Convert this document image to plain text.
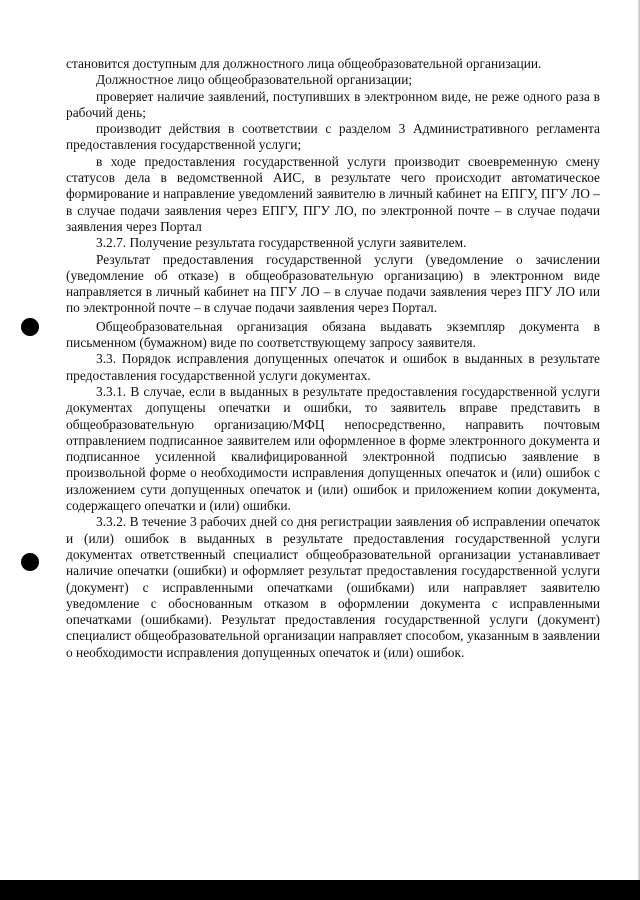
становится доступным для должностного лица общеобразовательной организации.

Должностное лицо общеобразовательной организации;

проверяет наличие заявлений, поступивших в электронном виде, не реже одного раза в рабочий день;

производит действия в соответствии с разделом 3 Административного регламента предоставления государственной услуги;

в ходе предоставления государственной услуги производит своевременную смену статусов дела в ведомственной АИС, в результате чего происходит автоматическое формирование и направление уведомлений заявителю в личный кабинет на ЕПГУ, ПГУ ЛО – в случае подачи заявления через ЕПГУ, ПГУ ЛО, по электронной почте – в случае подачи заявления через Портал

3.2.7. Получение результата государственной услуги заявителем.

Результат предоставления государственной услуги (уведомление о зачислении (уведомление об отказе) в общеобразовательную организацию) в электронном виде направляется в личный кабинет на ПГУ ЛО – в случае подачи заявления через ПГУ ЛО или по электронной почте – в случае подачи заявления через Портал.

Общеобразовательная организация обязана выдавать экземпляр документа в письменном (бумажном) виде по соответствующему запросу заявителя.

3.3. Порядок исправления допущенных опечаток и ошибок в выданных в результате предоставления государственной услуги документах.

3.3.1. В случае, если в выданных в результате предоставления государственной услуги документах допущены опечатки и ошибки, то заявитель вправе представить в общеобразовательную организацию/МФЦ непосредственно, направить почтовым отправлением подписанное заявителем или оформленное в форме электронного документа и подписанное усиленной квалифицированной электронной подписью заявление в произвольной форме о необходимости исправления допущенных опечаток и (или) ошибок с изложением сути допущенных опечаток и (или) ошибок и приложением копии документа, содержащего опечатки и (или) ошибки.

3.3.2. В течение 3 рабочих дней со дня регистрации заявления об исправлении опечаток и (или) ошибок в выданных в результате предоставления государственной услуги документах ответственный специалист общеобразовательной организации устанавливает наличие опечатки (ошибки) и оформляет результат предоставления государственной услуги (документ) с исправленными опечатками (ошибками) или направляет заявителю уведомление с обоснованным отказом в оформлении документа с исправленными опечатками (ошибками). Результат предоставления государственной услуги (документ) специалист общеобразовательной организации направляет способом, указанным в заявлении о необходимости исправления допущенных опечаток и (или) ошибок.
